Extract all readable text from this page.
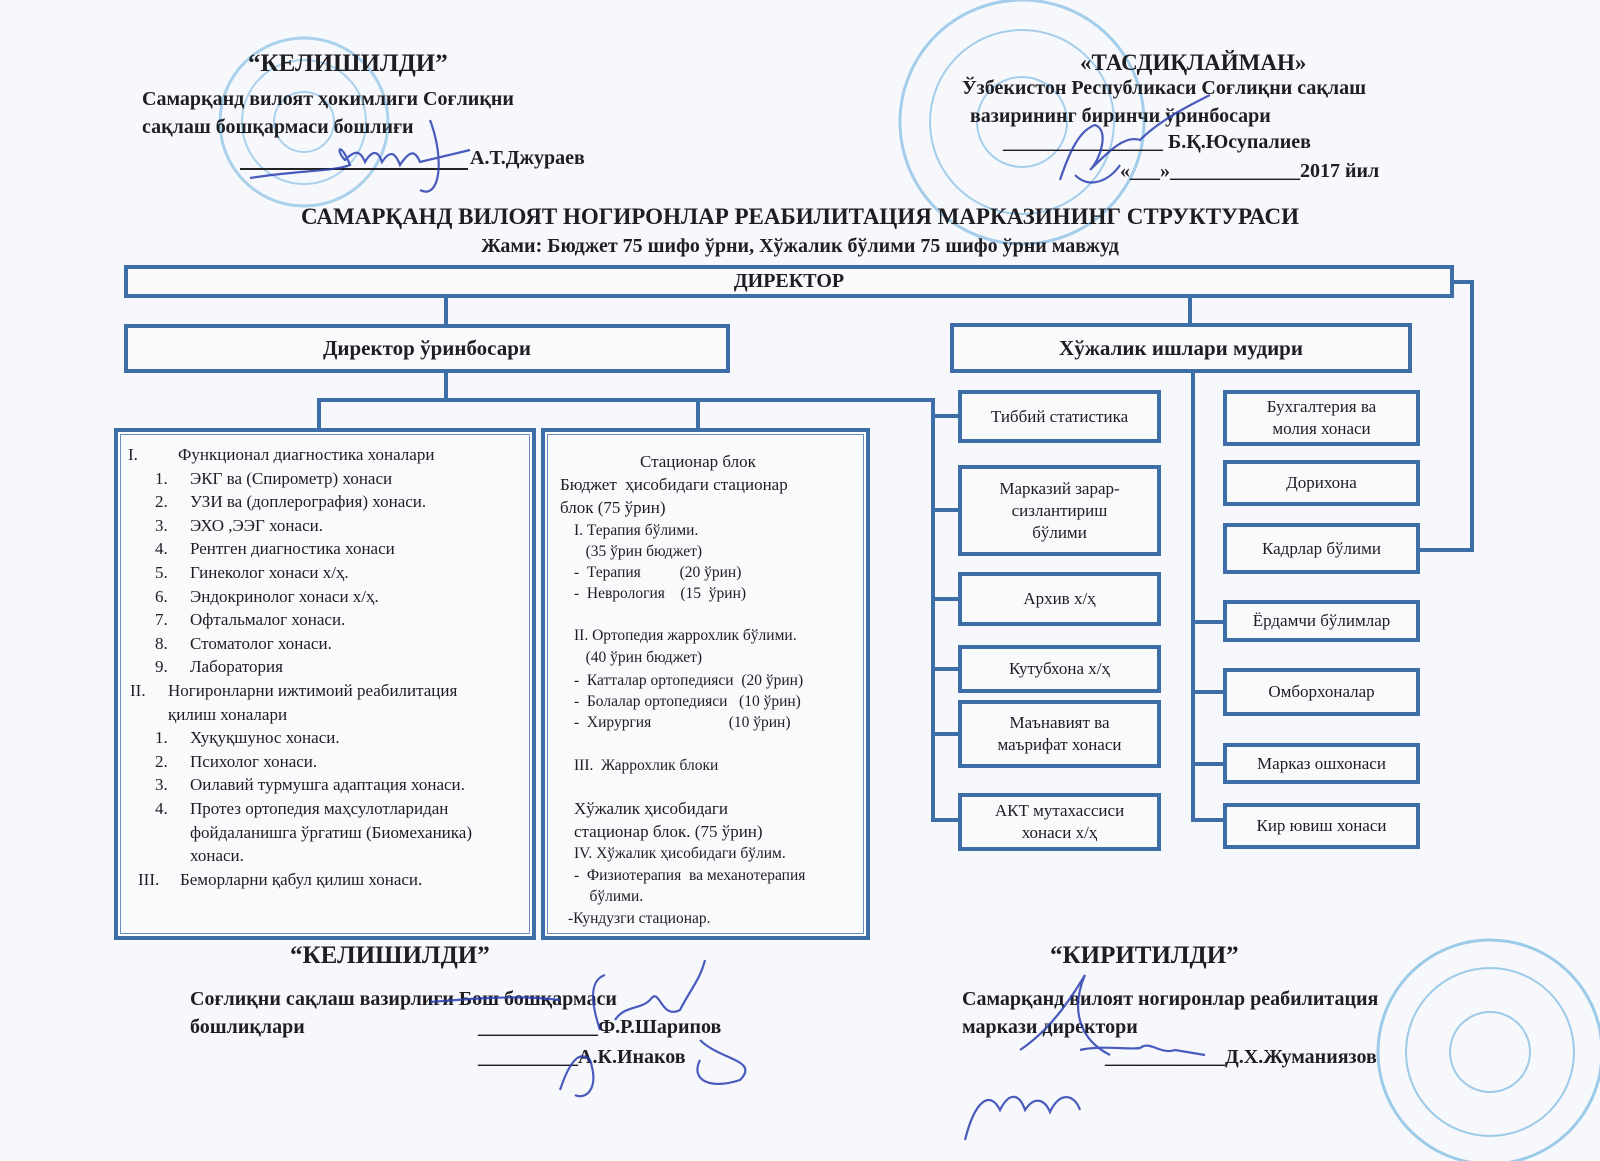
“КЕЛИШИЛДИ”
Самарқанд вилоят ҳокимлиги Соғлиқни
сақлаш бошқармаси бошлиғи
А.Т.Джураев
«ТАСДИҚЛАЙМАН»
Ўзбекистон Республикаси Соғлиқни сақлаш
вазирининг биринчи ўринбосари
________________ Б.Қ.Юсупалиев
«___»_____________2017 йил
САМАРҚАНД ВИЛОЯТ НОГИРОНЛАР РЕАБИЛИТАЦИЯ МАРКАЗИНИНГ СТРУКТУРАСИ
Жами: Бюджет 75 шифо ўрни, Хўжалик бўлими 75 шифо ўрни мавжуд
ДИРЕКТОР
Директор ўринбосари	Хўжалик ишлари мудири
I.	Функционал диагностика хоналари
1.	ЭКГ ва (Спирометр) хонаси
2.	УЗИ ва (доплерография) хонаси.
3.	ЭХО ,ЭЭГ хонаси.
4.	Рентген диагностика хонаси
5.	Гинеколог хонаси х/ҳ.
6.	Эндокринолог хонаси х/ҳ.
7.	Офтальмалог хонаси.
8.	Стоматолог хонаси.
9.	Лаборатория
II.	Ногиронларни ижтимоий реабилитация қилиш хоналари
1.	Хуқуқшунос хонаси.
2.	Психолог хонаси.
3.	Оилавий турмушга адаптация хонаси.
4.	Протез ортопедия маҳсулотларидан фойдаланишга ўргатиш (Биомеханика) хонаси.
III.	Беморларни қабул қилиш хонаси.
Стационар блок
Бюджет  ҳисобидаги стационар
блок (75 ўрин)
I. Терапия бўлими.
(35 ўрин бюджет)
-  Терапия          (20 ўрин)
-  Неврология    (15  ўрин)
II. Ортопедия жаррохлик бўлими.
(40 ўрин бюджет)
-  Катталар ортопедияси  (20 ўрин)
-  Болалар ортопедияси   (10 ўрин)
-  Хирургия                    (10 ўрин)
III.  Жаррохлик блоки
Хўжалик ҳисобидаги
стационар блок. (75 ўрин)
IV. Хўжалик ҳисобидаги бўлим.
-  Физиотерапия  ва механотерапия
бўлими.
-Кундузги стационар.
Тиббий статистика
Марказий зарар-сизлантириш бўлими
Архив х/ҳ
Кутубхона х/ҳ
Маънавият ва маърифат хонаси
АКТ мутахассиси хонаси х/ҳ
Бухгалтерия ва молия хонаси
Дорихона
Кадрлар бўлими
Ёрдамчи бўлимлар
Омборхоналар
Марказ ошхонаси
Кир ювиш хонаси
“КЕЛИШИЛДИ”
Соғлиқни сақлаш вазирлиги Бош бошқармаси
бошлиқлари	____________Ф.Р.Шарипов
__________А.К.Инаков
“КИРИТИЛДИ”
Самарқанд вилоят ногиронлар реабилитация
маркази директори
____________Д.Х.Жуманиязов
